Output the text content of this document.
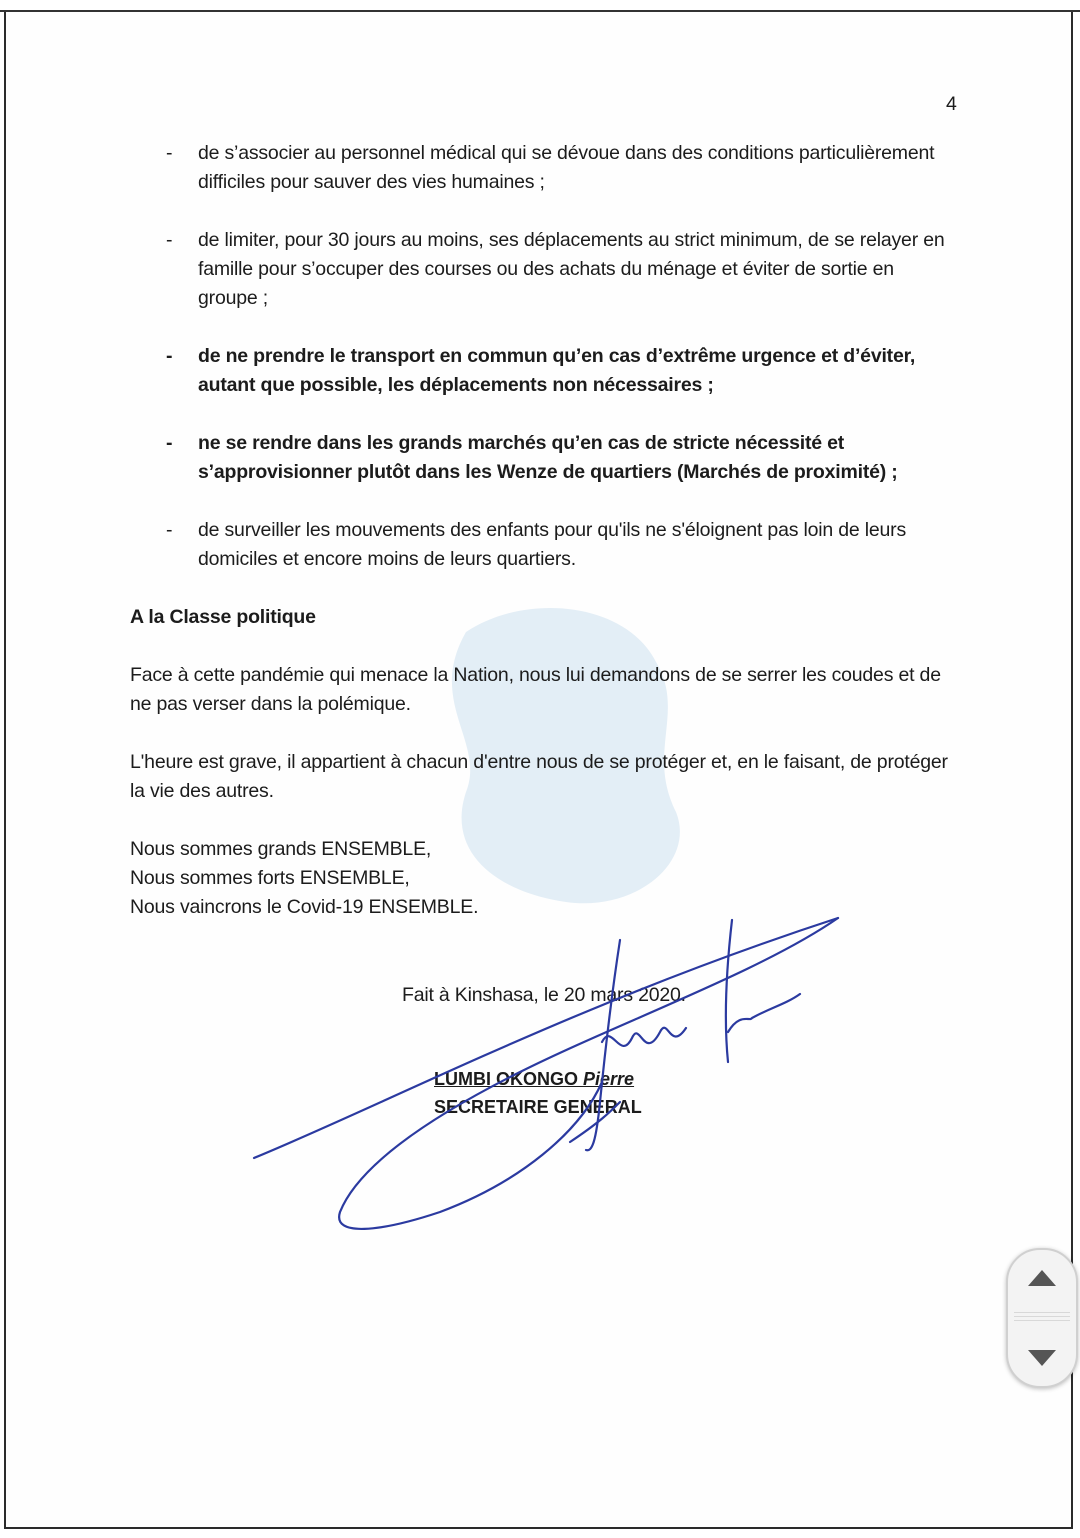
4
- de s’associer au personnel médical qui se dévoue dans des conditions particulièrement
difficiles pour sauver des vies humaines ;
- de limiter, pour 30 jours au moins, ses déplacements au strict minimum, de se relayer en
famille pour s’occuper des courses ou des achats du ménage et éviter de sortie en
groupe ;
- de ne prendre le transport en commun qu’en cas d’extrême urgence et d’éviter,
autant que possible, les déplacements non nécessaires ;
- ne se rendre dans les grands marchés qu’en cas de stricte nécessité et
s’approvisionner plutôt dans les Wenze de quartiers (Marchés de proximité) ;
- de surveiller les mouvements des enfants pour qu'ils ne s'éloignent pas loin de leurs
domiciles et encore moins de leurs quartiers.
A la Classe politique
Face à cette pandémie qui menace la Nation, nous lui demandons de se serrer les coudes et de
ne pas verser dans la polémique.
L'heure est grave, il appartient à chacun d'entre nous de se protéger et, en le faisant, de protéger
la vie des autres.
Nous sommes grands ENSEMBLE,
Nous sommes forts ENSEMBLE,
Nous vaincrons le Covid-19 ENSEMBLE.
Fait à Kinshasa, le 20 mars 2020.
LUMBI OKONGO Pierre
SECRETAIRE GENERAL
